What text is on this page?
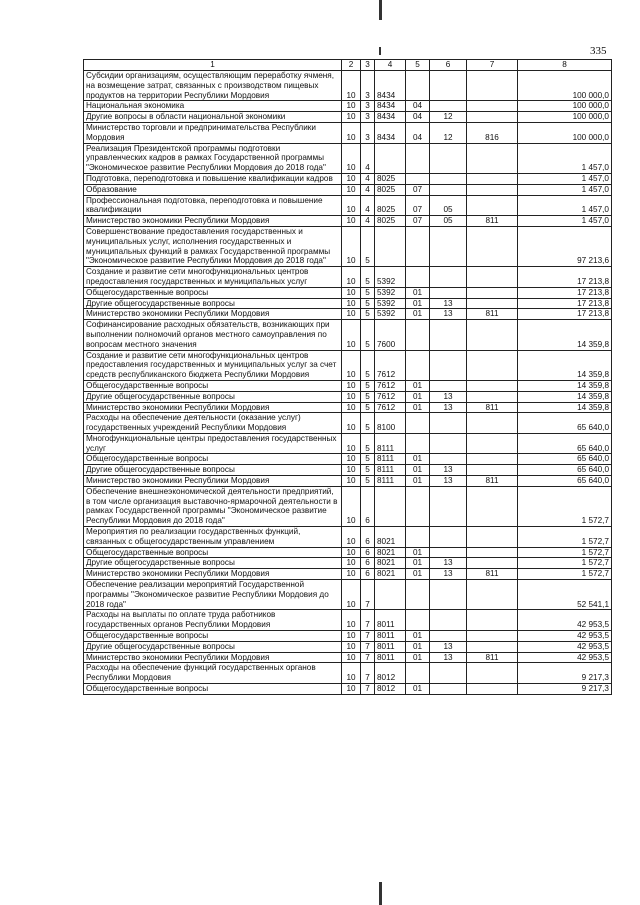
335
1	2	3	4	5	6	7	8
Субсидии организациям, осуществляющим переработку ячменя, на возмещение затрат, связанных с производством пищевых продуктов на территории Республики Мордовия	10	3	8434				100 000,0
Национальная экономика	10	3	8434	04			100 000,0
Другие вопросы в области национальной экономики	10	3	8434	04	12		100 000,0
Министерство торговли и предпринимательства Республики Мордовия	10	3	8434	04	12	816	100 000,0
Реализация Президентской программы подготовки управленческих кадров в рамках Государственной программы "Экономическое развитие Республики Мордовия до 2018 года"	10	4					1 457,0
Подготовка, переподготовка и повышение квалификации кадров	10	4	8025				1 457,0
Образование	10	4	8025	07			1 457,0
Профессиональная подготовка, переподготовка и повышение квалификации	10	4	8025	07	05		1 457,0
Министерство экономики Республики Мордовия	10	4	8025	07	05	811	1 457,0
Совершенствование предоставления государственных и муниципальных услуг, исполнения государственных и муниципальных функций в рамках Государственной программы "Экономическое развитие Республики Мордовия до 2018 года"	10	5					97 213,6
Создание и развитие сети многофункциональных центров предоставления государственных и муниципальных услуг	10	5	5392				17 213,8
Общегосударственные вопросы	10	5	5392	01			17 213,8
Другие общегосударственные вопросы	10	5	5392	01	13		17 213,8
Министерство экономики Республики Мордовия	10	5	5392	01	13	811	17 213,8
Софинансирование расходных обязательств, возникающих при выполнении полномочий органов местного самоуправления по вопросам местного значения	10	5	7600				14 359,8
Создание и развитие сети многофункциональных центров предоставления государственных и муниципальных услуг за счет средств республиканского бюджета Республики Мордовия	10	5	7612				14 359,8
Общегосударственные вопросы	10	5	7612	01			14 359,8
Другие общегосударственные вопросы	10	5	7612	01	13		14 359,8
Министерство экономики Республики Мордовия	10	5	7612	01	13	811	14 359,8
Расходы на обеспечение деятельности (оказание услуг) государственных учреждений Республики Мордовия	10	5	8100				65 640,0
Многофункциональные центры предоставления государственных услуг	10	5	8111				65 640,0
Общегосударственные вопросы	10	5	8111	01			65 640,0
Другие общегосударственные вопросы	10	5	8111	01	13		65 640,0
Министерство экономики Республики Мордовия	10	5	8111	01	13	811	65 640,0
Обеспечение внешнеэкономической деятельности предприятий, в том числе организация выставочно-ярмарочной деятельности в рамках Государственной программы "Экономическое развитие Республики Мордовия до 2018 года"	10	6					1 572,7
Мероприятия по реализации государственных функций, связанных с общегосударственным управлением	10	6	8021				1 572,7
Общегосударственные вопросы	10	6	8021	01			1 572,7
Другие общегосударственные вопросы	10	6	8021	01	13		1 572,7
Министерство экономики Республики Мордовия	10	6	8021	01	13	811	1 572,7
Обеспечение реализации мероприятий Государственной программы "Экономическое развитие Республики Мордовия до 2018 года"	10	7					52 541,1
Расходы на выплаты по оплате труда работников государственных органов Республики Мордовия	10	7	8011				42 953,5
Общегосударственные вопросы	10	7	8011	01			42 953,5
Другие общегосударственные вопросы	10	7	8011	01	13		42 953,5
Министерство экономики Республики Мордовия	10	7	8011	01	13	811	42 953,5
Расходы на обеспечение функций государственных органов Республики Мордовия	10	7	8012				9 217,3
Общегосударственные вопросы	10	7	8012	01			9 217,3
